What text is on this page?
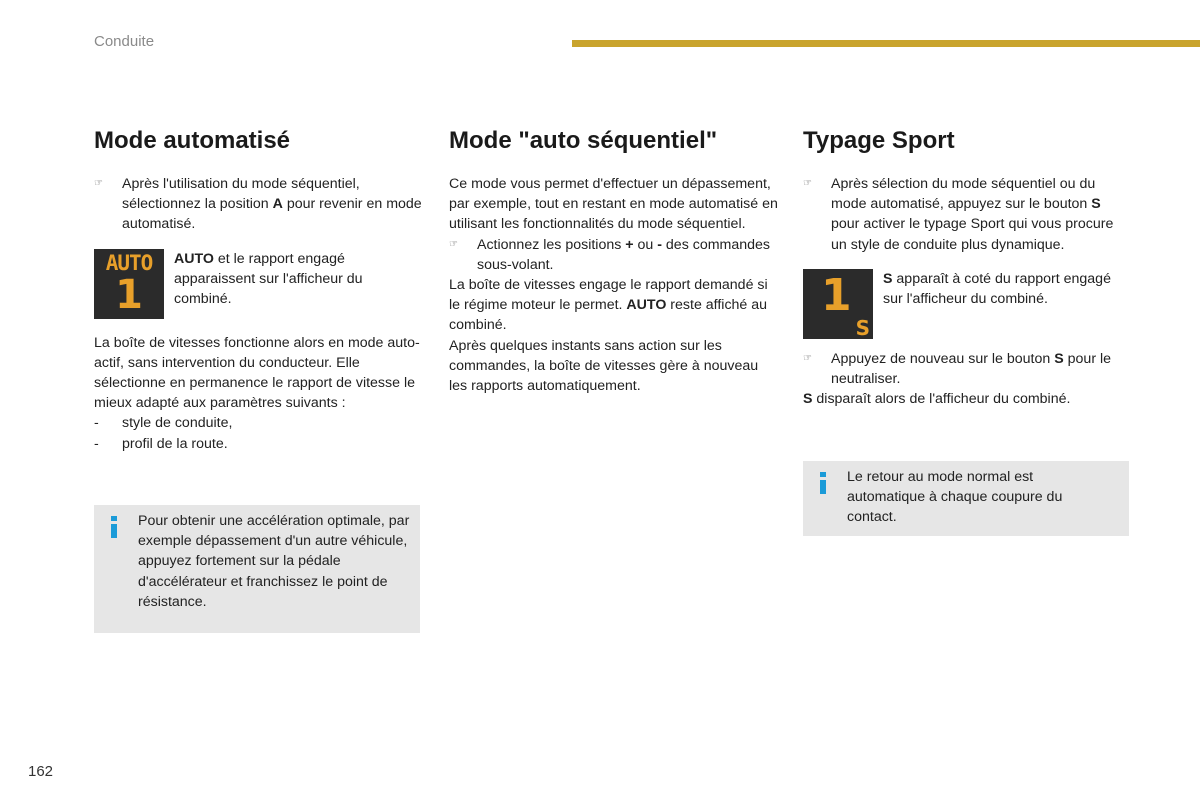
Conduite
Mode automatisé

☞ Après l'utilisation du mode séquentiel, sélectionnez la position A pour revenir en mode automatisé.

AUTO
1

AUTO et le rapport engagé apparaissent sur l'afficheur du combiné.

La boîte de vitesses fonctionne alors en mode auto-actif, sans intervention du conducteur. Elle sélectionne en permanence le rapport de vitesse le mieux adapté aux paramètres suivants :

- style de conduite,

- profil de la route.

Pour obtenir une accélération optimale, par exemple dépassement d'un autre véhicule, appuyez fortement sur la pédale d'accélérateur et franchissez le point de résistance.
Mode "auto séquentiel"

Ce mode vous permet d'effectuer un dépassement, par exemple, tout en restant en mode automatisé en utilisant les fonctionnalités du mode séquentiel.

☞ Actionnez les positions + ou - des commandes sous-volant.

La boîte de vitesses engage le rapport demandé si le régime moteur le permet. AUTO reste affiché au combiné.

Après quelques instants sans action sur les commandes, la boîte de vitesses gère à nouveau les rapports automatiquement.

Typage Sport

☞ Après sélection du mode séquentiel ou du mode automatisé, appuyez sur le bouton S pour activer le typage Sport qui vous procure un style de conduite plus dynamique.

1
S

S apparaît à coté du rapport engagé sur l'afficheur du combiné.

☞ Appuyez de nouveau sur le bouton S pour le neutraliser.

S disparaît alors de l'afficheur du combiné.

Le retour au mode normal est automatique à chaque coupure du contact.
162
